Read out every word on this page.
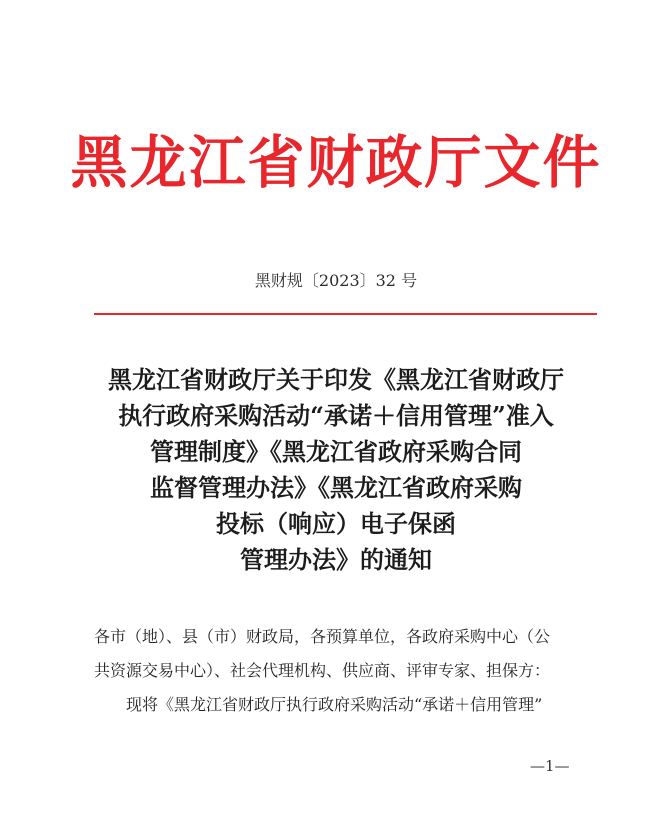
黑龙江省财政厅文件
黑财规〔2023〕32 号
黑龙江省财政厅关于印发《黑龙江省财政厅
执行政府采购活动“承诺＋信用管理”准入
管理制度》《黑龙江省政府采购合同
监督管理办法》《黑龙江省政府采购
投标（响应）电子保函
管理办法》的通知
各市（地）、县（市）财政局，各预算单位，各政府采购中心（公
共资源交易中心）、社会代理机构、供应商、评审专家、担保方：
现将《黑龙江省财政厅执行政府采购活动“承诺＋信用管理”
—1—
